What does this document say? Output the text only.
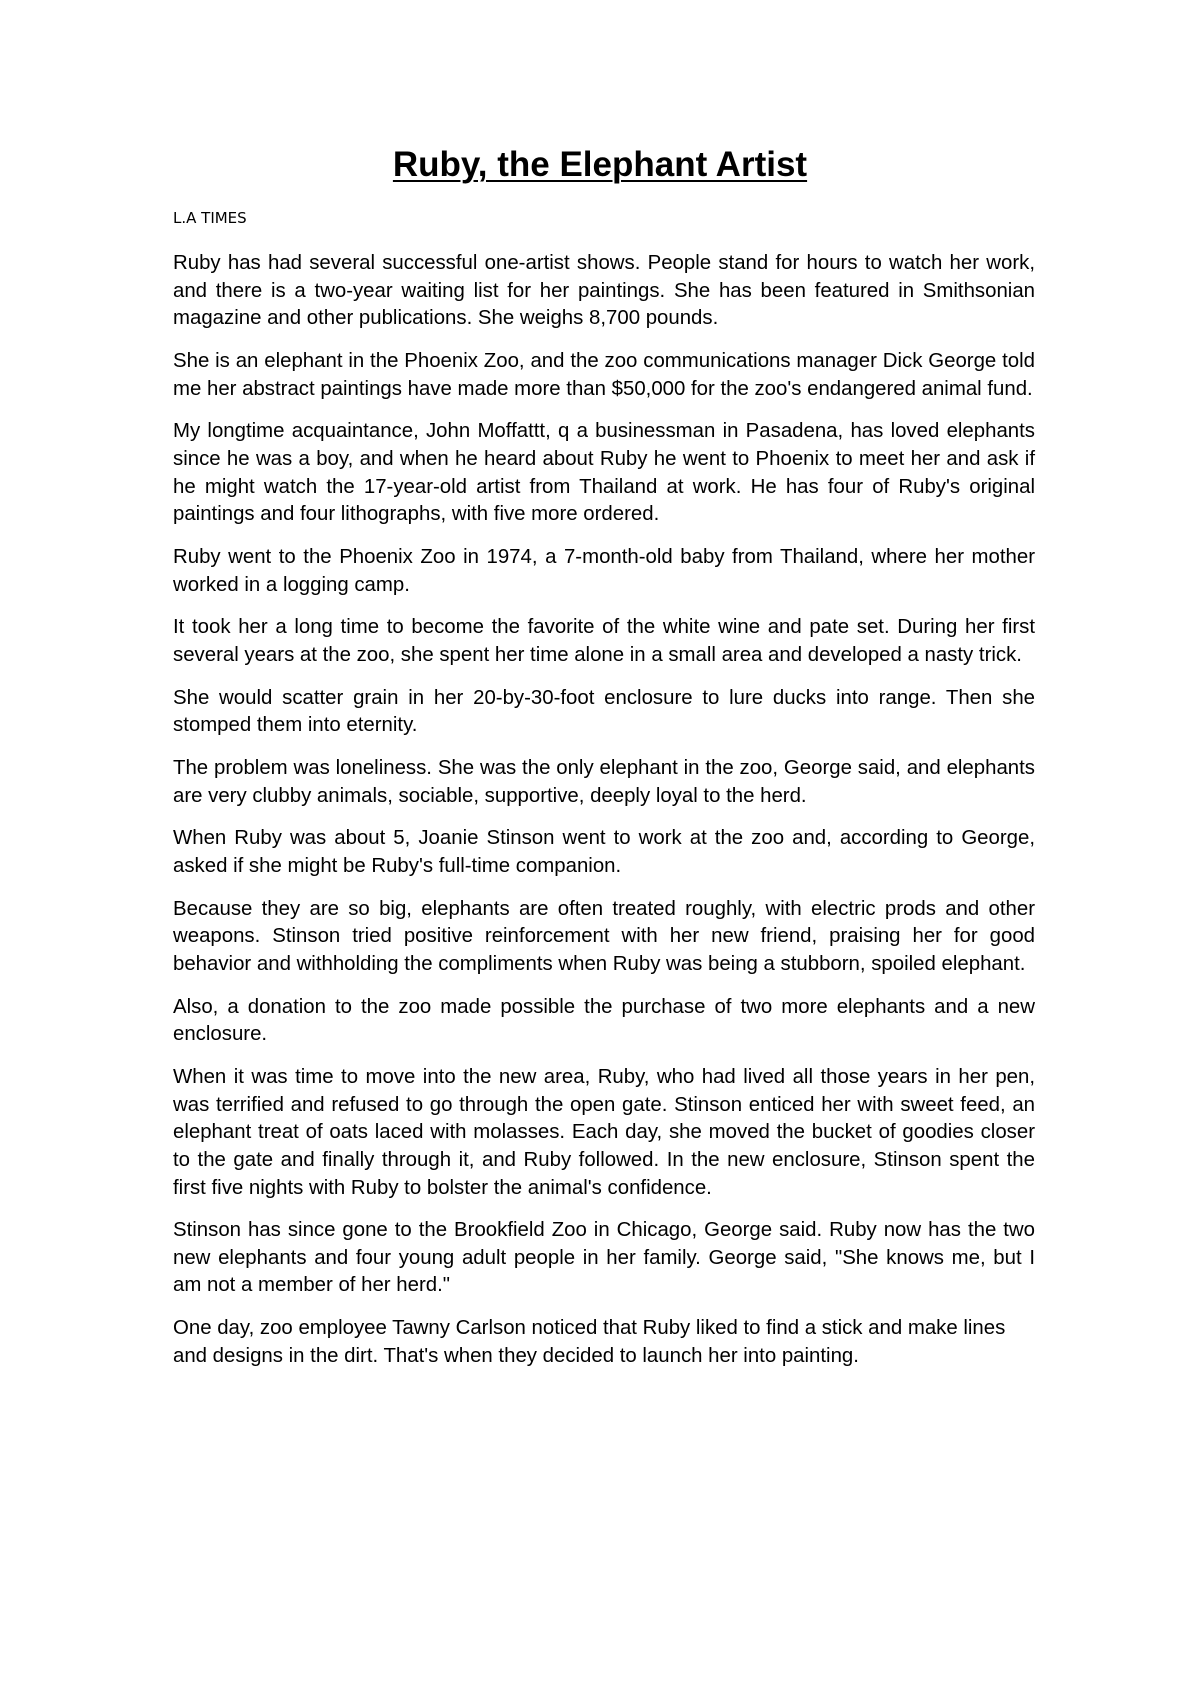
Ruby, the Elephant Artist

L.A TIMES

Ruby has had several successful one-artist shows. People stand for hours to watch her work, and there is a two-year waiting list for her paintings. She has been featured in Smithsonian magazine and other publications. She weighs 8,700 pounds.

She is an elephant in the Phoenix Zoo, and the zoo communications manager Dick George told me her abstract paintings have made more than $50,000 for the zoo's endangered animal fund.

My longtime acquaintance, John Moffattt, q a businessman in Pasadena, has loved elephants since he was a boy, and when he heard about Ruby he went to Phoenix to meet her and ask if he might watch the 17-year-old artist from Thailand at work. He has four of Ruby's original paintings and four lithographs, with five more ordered.

Ruby went to the Phoenix Zoo in 1974, a 7-month-old baby from Thailand, where her mother worked in a logging camp.

It took her a long time to become the favorite of the white wine and pate set. During her first several years at the zoo, she spent her time alone in a small area and developed a nasty trick.

She would scatter grain in her 20-by-30-foot enclosure to lure ducks into range. Then she stomped them into eternity.

The problem was loneliness. She was the only elephant in the zoo, George said, and elephants are very clubby animals, sociable, supportive, deeply loyal to the herd.

When Ruby was about 5, Joanie Stinson went to work at the zoo and, according to George, asked if she might be Ruby's full-time companion.

Because they are so big, elephants are often treated roughly, with electric prods and other weapons. Stinson tried positive reinforcement with her new friend, praising her for good behavior and withholding the compliments when Ruby was being a stubborn, spoiled elephant.

Also, a donation to the zoo made possible the purchase of two more elephants and a new enclosure.

When it was time to move into the new area, Ruby, who had lived all those years in her pen, was terrified and refused to go through the open gate. Stinson enticed her with sweet feed, an elephant treat of oats laced with molasses. Each day, she moved the bucket of goodies closer to the gate and finally through it, and Ruby followed. In the new enclosure, Stinson spent the first five nights with Ruby to bolster the animal's confidence.

Stinson has since gone to the Brookfield Zoo in Chicago, George said. Ruby now has the two new elephants and four young adult people in her family. George said, "She knows me, but I am not a member of her herd."

One day, zoo employee Tawny Carlson noticed that Ruby liked to find a stick and make lines and designs in the dirt. That's when they decided to launch her into painting.
